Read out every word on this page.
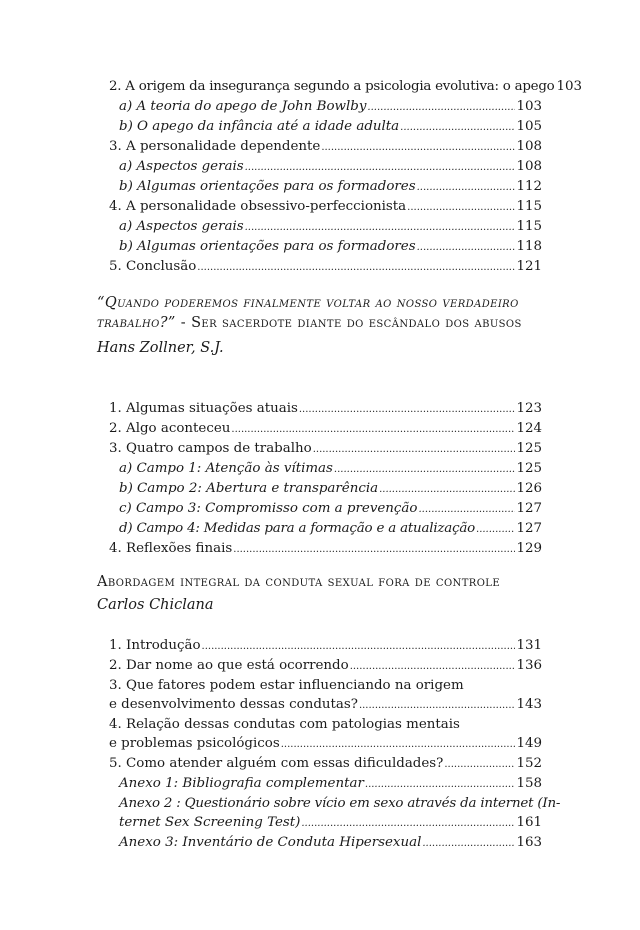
2. A origem da insegurança segundo a psicologia evolutiva: o apego 103
a) A teoria do apego de John Bowlby .....	103
b) O apego da infância até a idade adulta .....	105
3. A personalidade dependente .....	108
a) Aspectos gerais .....	108
b) Algumas orientações para os formadores .....	112
4. A personalidade obsessivo-perfeccionista .....	115
a) Aspectos gerais .....	115
b) Algumas orientações para os formadores .....	118
5. Conclusão .....	121
“Quando poderemos finalmente voltar ao nosso verdadeiro trabalho?” - Ser sacerdote diante do escândalo dos abusos
Hans Zollner, S.J.
1. Algumas situações atuais .....	123
2. Algo aconteceu .....	124
3. Quatro campos de trabalho .....	125
a) Campo 1: Atenção às vítimas .....	125
b) Campo 2: Abertura e transparência .....	126
c) Campo 3: Compromisso com a prevenção .....	127
d) Campo 4: Medidas para a formação e a atualização .....	127
4. Reflexões finais .....	129
Abordagem integral da conduta sexual fora de controle
Carlos Chiclana
1. Introdução .....	131
2. Dar nome ao que está ocorrendo .....	136
3. Que fatores podem estar influenciando na origem
e desenvolvimento dessas condutas? .....	143
4. Relação dessas condutas com patologias mentais
e problemas psicológicos .....	149
5. Como atender alguém com essas dificuldades? .....	152
Anexo 1: Bibliografia complementar .....	158
Anexo 2 : Questionário sobre vício em sexo através da internet (In-
ternet Sex Screening Test) .....	161
Anexo 3: Inventário de Conduta Hipersexual .....	163
